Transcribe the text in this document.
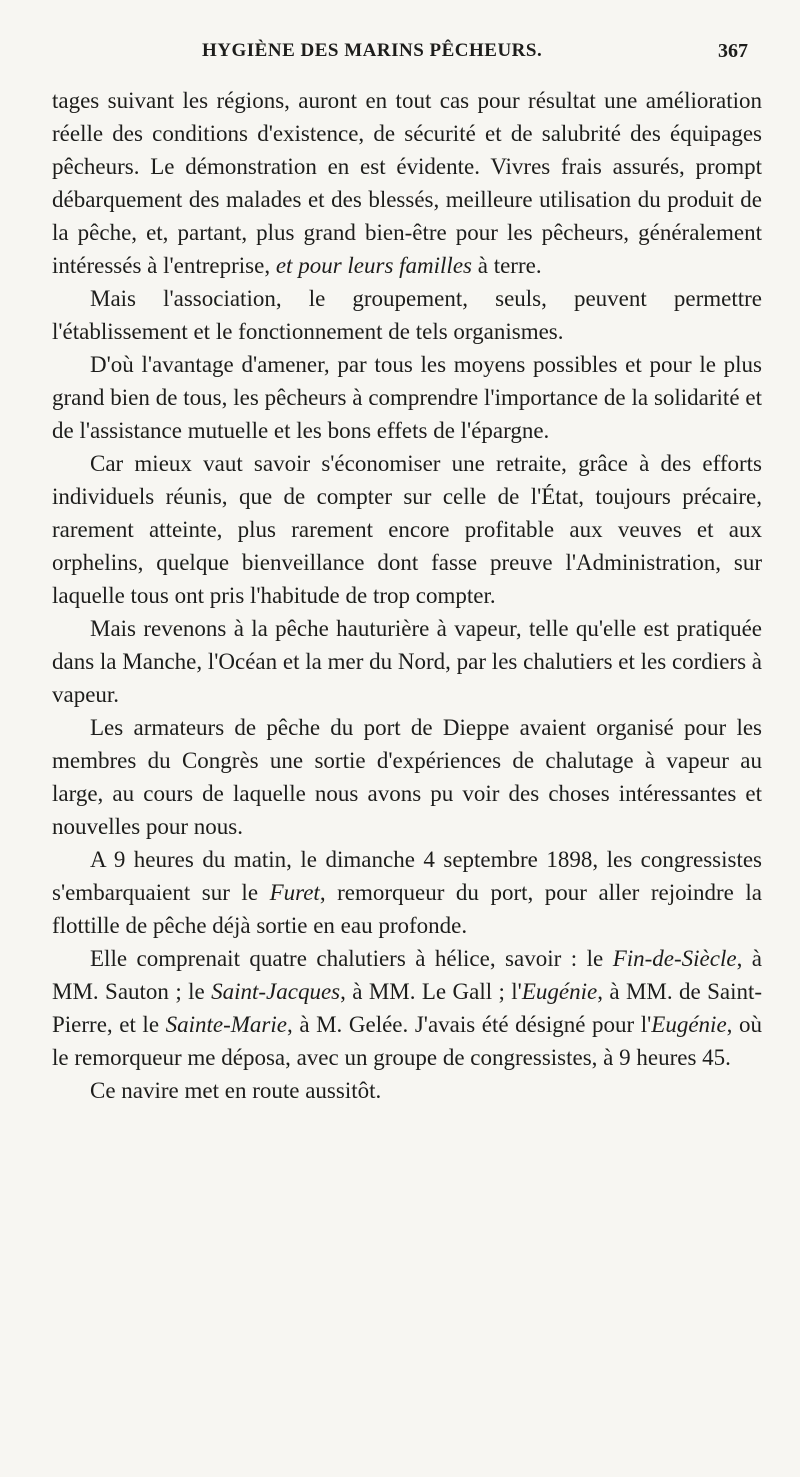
HYGIÈNE DES MARINS PÊCHEURS.	367

tages suivant les régions, auront en tout cas pour résultat une amélioration réelle des conditions d'existence, de sécurité et de salubrité des équipages pêcheurs. Le démonstration en est évidente. Vivres frais assurés, prompt débarquement des malades et des blessés, meilleure utilisation du produit de la pêche, et, partant, plus grand bien-être pour les pêcheurs, généralement intéressés à l'entreprise, et pour leurs familles à terre.

Mais l'association, le groupement, seuls, peuvent permettre l'établissement et le fonctionnement de tels organismes.

D'où l'avantage d'amener, par tous les moyens possibles et pour le plus grand bien de tous, les pêcheurs à comprendre l'importance de la solidarité et de l'assistance mutuelle et les bons effets de l'épargne.

Car mieux vaut savoir s'économiser une retraite, grâce à des efforts individuels réunis, que de compter sur celle de l'État, toujours précaire, rarement atteinte, plus rarement encore profitable aux veuves et aux orphelins, quelque bienveillance dont fasse preuve l'Administration, sur laquelle tous ont pris l'habitude de trop compter.

Mais revenons à la pêche hauturière à vapeur, telle qu'elle est pratiquée dans la Manche, l'Océan et la mer du Nord, par les chalutiers et les cordiers à vapeur.

Les armateurs de pêche du port de Dieppe avaient organisé pour les membres du Congrès une sortie d'expériences de chalutage à vapeur au large, au cours de laquelle nous avons pu voir des choses intéressantes et nouvelles pour nous.

A 9 heures du matin, le dimanche 4 septembre 1898, les congressistes s'embarquaient sur le Furet, remorqueur du port, pour aller rejoindre la flottille de pêche déjà sortie en eau profonde.

Elle comprenait quatre chalutiers à hélice, savoir : le Fin-de-Siècle, à MM. Sauton ; le Saint-Jacques, à MM. Le Gall ; l'Eugénie, à MM. de Saint-Pierre, et le Sainte-Marie, à M. Gelée. J'avais été désigné pour l'Eugénie, où le remorqueur me déposa, avec un groupe de congressistes, à 9 heures 45.

Ce navire met en route aussitôt.
